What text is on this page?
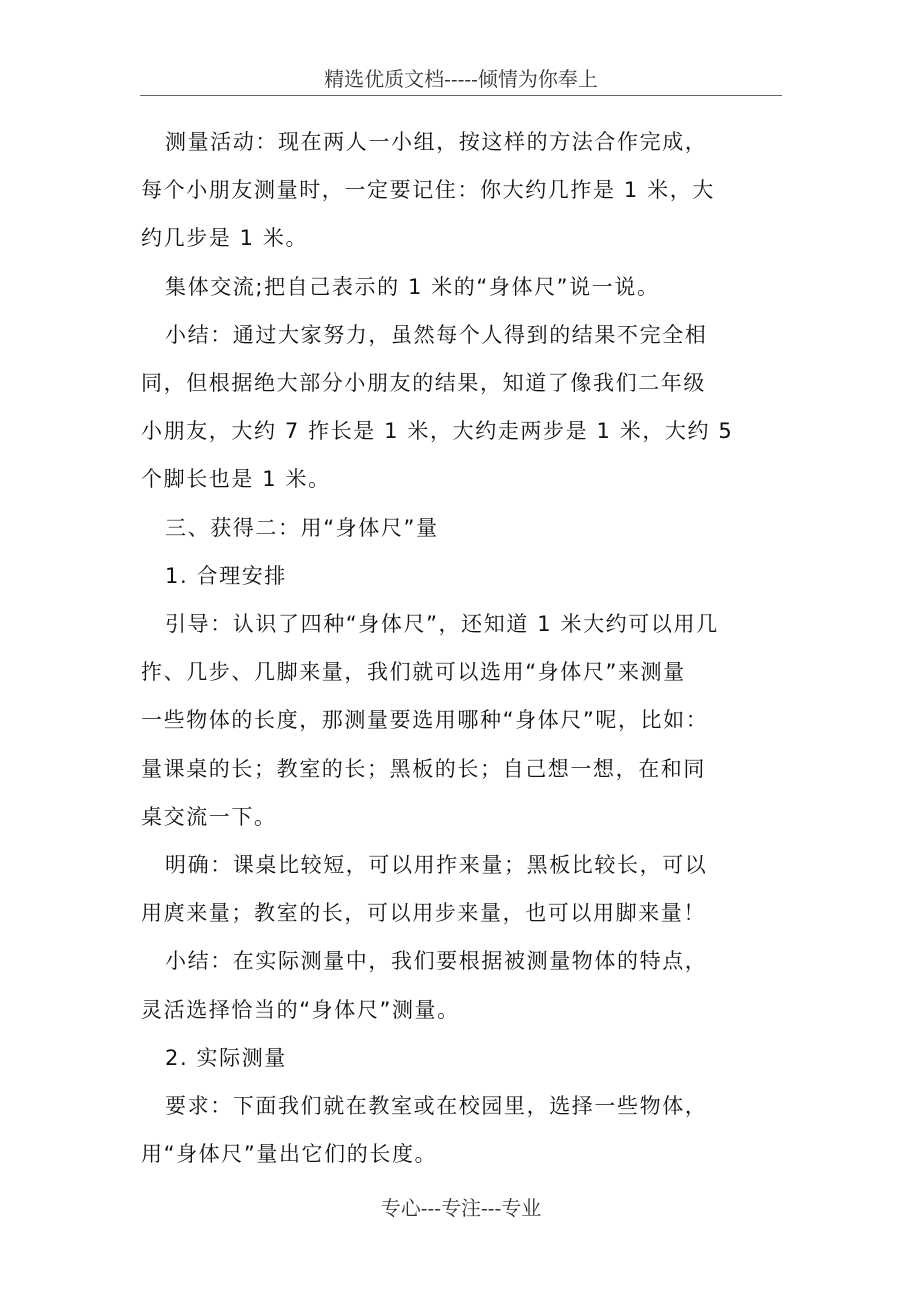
精选优质文档-----倾情为你奉上

测量活动：现在两人一小组，按这样的方法合作完成，
每个小朋友测量时，一定要记住：你大约几拃是 1 米，大
约几步是 1 米。

集体交流;把自己表示的 1 米的“身体尺”说一说。

小结：通过大家努力，虽然每个人得到的结果不完全相
同，但根据绝大部分小朋友的结果，知道了像我们二年级
小朋友，大约 7 拃长是 1 米，大约走两步是 1 米，大约 5
个脚长也是 1 米。

三、获得二：用“身体尺”量

1. 合理安排

引导：认识了四种“身体尺”，还知道 1 米大约可以用几
拃、几步、几脚来量，我们就可以选用“身体尺”来测量
一些物体的长度，那测量要选用哪种“身体尺”呢，比如：
量课桌的长；教室的长；黑板的长；自己想一想，在和同
桌交流一下。

明确：课桌比较短，可以用拃来量；黑板比较长，可以
用庹来量；教室的长，可以用步来量，也可以用脚来量！

小结：在实际测量中，我们要根据被测量物体的特点，
灵活选择恰当的“身体尺”测量。

2. 实际测量

要求：下面我们就在教室或在校园里，选择一些物体，
用“身体尺”量出它们的长度。

专心---专注---专业
